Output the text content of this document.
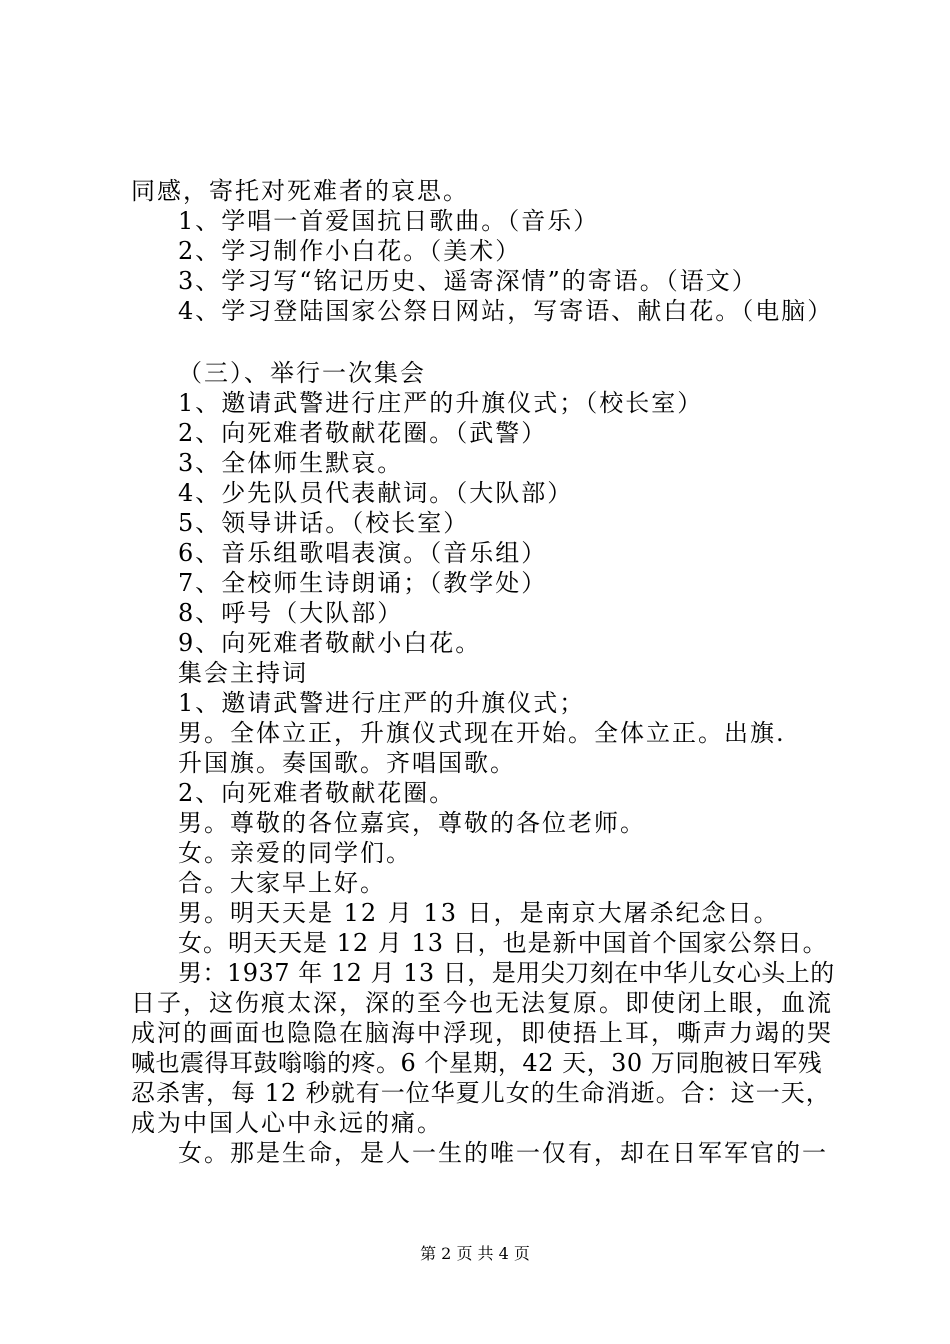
同感，寄托对死难者的哀思。
1、学唱一首爱国抗日歌曲。（音乐）
2、学习制作小白花。（美术）
3、学习写“铭记历史、遥寄深情”的寄语。（语文）
4、学习登陆国家公祭日网站，写寄语、献白花。（电脑）
（三）、举行一次集会
1、邀请武警进行庄严的升旗仪式；（校长室）
2、向死难者敬献花圈。（武警）
3、全体师生默哀。
4、少先队员代表献词。（大队部）
5、领导讲话。（校长室）
6、音乐组歌唱表演。（音乐组）
7、全校师生诗朗诵；（教学处）
8、呼号（大队部）
9、向死难者敬献小白花。
集会主持词
1、邀请武警进行庄严的升旗仪式；
男。全体立正，升旗仪式现在开始。全体立正。出旗.
升国旗。奏国歌。齐唱国歌。
2、向死难者敬献花圈。
男。尊敬的各位嘉宾，尊敬的各位老师。
女。亲爱的同学们。
合。大家早上好。
男。明天天是 12 月 13 日，是南京大屠杀纪念日。
女。明天天是 12 月 13 日，也是新中国首个国家公祭日。
男：1937 年 12 月 13 日，是用尖刀刻在中华儿女心头上的
日子，这伤痕太深，深的至今也无法复原。即使闭上眼，血流
成河的画面也隐隐在脑海中浮现，即使捂上耳，嘶声力竭的哭
喊也震得耳鼓嗡嗡的疼。6 个星期，42 天，30 万同胞被日军残
忍杀害，每 12 秒就有一位华夏儿女的生命消逝。合：这一天，
成为中国人心中永远的痛。
女。那是生命，是人一生的唯一仅有，却在日军军官的一
第 2 页 共 4 页
